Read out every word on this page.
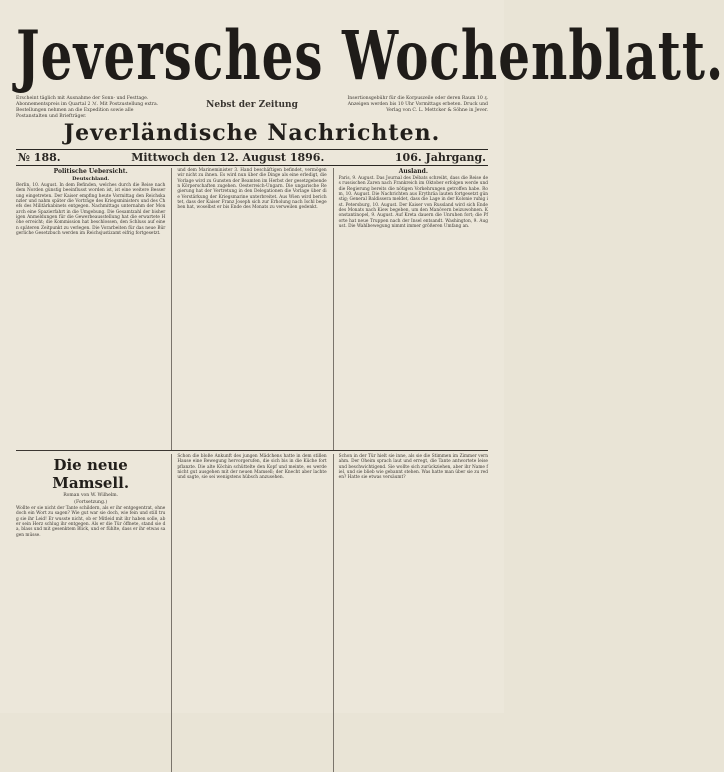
Jeversches Wochenblatt.
Erscheint täglich mit Ausnahme der Sonn- und Festtage. Abonnementspreis im Quartal 2 ℳ. Mit Postzustellung extra. Bestellungen nehmen an die Expedition sowie alle Postanstalten und Briefträger.
Nebst der Zeitung
Insertionsgebühr für die Korpuszeile oder deren Raum 10 ₰. Anzeigen werden bis 10 Uhr Vormittags erbeten. Druck und Verlag von C. L. Mettcker & Söhne in Jever.
Jeverländische Nachrichten.
№ 188.	Mittwoch den 12. August 1896.	106. Jahrgang.
Politische Uebersicht.
Deutschland.
Berlin, 10. August. In dem Befinden, welches durch die Reise nach dem Norden günstig beeinflusst worden ist, ist eine weitere Besserung eingetreten. Der Kaiser empfing heute Vormittag den Reichskanzler und nahm später die Vorträge des Kriegsministers und des Chefs des Militärkabinets entgegen. Nachmittags unternahm der Monarch eine Spazierfahrt in die Umgebung. Die Gesamtzahl der bisherigen Anmeldungen für die Gewerbeausstellung hat die erwartete Höhe erreicht; die Kommission hat beschlossen, den Schluss auf einen späteren Zeitpunkt zu verlegen. Die Vorarbeiten für das neue Bürgerliche Gesetzbuch werden im Reichsjustizamt eifrig fortgesetzt.
und dem Marineminister 3. Hand beschäftigen befindet, vermögen wir nicht zu ihnen. Es wird nun über die Dinge als eine erledigt, die Vorlage wird zu Gunsten der Beamten im Herbst der gesetzgebenden Körperschaften zugehen. Oesterreich-Ungarn. Die ungarische Regierung hat der Vertretung in den Delegationen die Vorlage über die Verstärkung der Kriegsmarine unterbreitet. Aus Wien wird berichtet, dass der Kaiser Franz Joseph sich zur Erholung nach Ischl begeben hat, woselbst er bis Ende des Monats zu verweilen gedenkt.
Ausland.
Paris, 9. August. Das Journal des Débats schreibt, dass die Reise des russischen Zaren nach Frankreich im Oktober erfolgen werde und die Regierung bereits die nötigen Vorkehrungen getroffen habe. Rom, 10. August. Die Nachrichten aus Erythräa lauten fortgesetzt günstig; General Baldissera meldet, dass die Lage in der Kolonie ruhig ist. Petersburg, 10. August. Der Kaiser von Russland wird sich Ende des Monats nach Kiew begeben, um den Manövern beizuwohnen. Konstantinopel, 9. August. Auf Kreta dauern die Unruhen fort; die Pforte hat neue Truppen nach der Insel entsandt. Washington, 9. August. Die Wahlbewegung nimmt immer größeren Umfang an.
Die neue Mamsell.
Roman von W. Wilhelm.
(Fortsetzung.)
Wollte er sie nicht der Tante schildern, als er ihr entgegentrat, ohne doch ein Wort zu sagen? Wie gut war sie doch, wie fein und still trug sie ihr Leid! Er wusste nicht, ob er Mitleid mit ihr haben solle, aber sein Herz schlug ihr entgegen. Als er die Tür öffnete, stand sie da, blass und mit gesenktem Blick, und er fühlte, dass er ihr etwas sagen müsse.
Schon die bloße Ankunft des jungen Mädchens hatte in dem stillen Hause eine Bewegung hervorgerufen, die sich bis in die Küche fortpflanzte. Die alte Köchin schüttelte den Kopf und meinte, es werde nicht gut ausgehen mit der neuen Mamsell; der Knecht aber lachte und sagte, sie sei wenigstens hübsch anzusehen.
Schon in der Tür hielt sie inne, als sie die Stimmen im Zimmer vernahm. Der Oheim sprach laut und erregt, die Tante antwortete leise und beschwichtigend. Sie wollte sich zurückziehen, aber ihr Name fiel, und sie blieb wie gebannt stehen. Was hatte man über sie zu reden? Hatte sie etwas versäumt?
